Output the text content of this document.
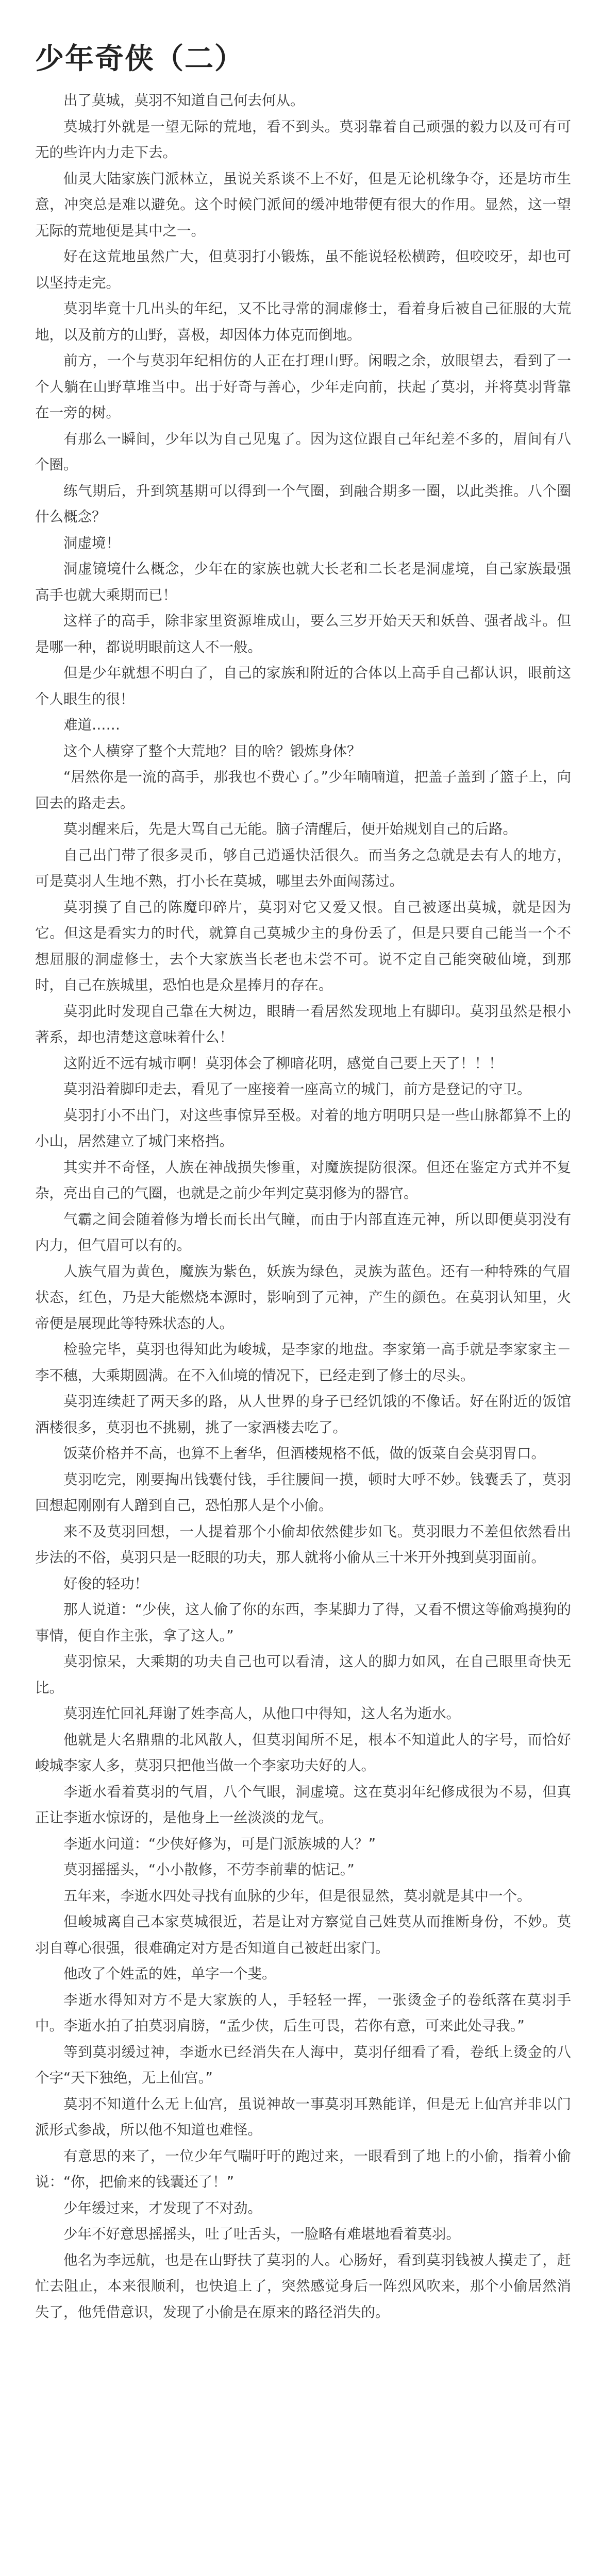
少年奇侠（二）

出了莫城，莫羽不知道自己何去何从。

莫城打外就是一望无际的荒地，看不到头。莫羽靠着自己顽强的毅力以及可有可无的些许内力走下去。

仙灵大陆家族门派林立，虽说关系谈不上不好，但是无论机缘争夺，还是坊市生意，冲突总是难以避免。这个时候门派间的缓冲地带便有很大的作用。显然，这一望无际的荒地便是其中之一。

好在这荒地虽然广大，但莫羽打小锻炼，虽不能说轻松横跨，但咬咬牙，却也可以坚持走完。

莫羽毕竟十几出头的年纪，又不比寻常的洞虚修士，看着身后被自己征服的大荒地，以及前方的山野，喜极，却因体力体克而倒地。

前方，一个与莫羽年纪相仿的人正在打理山野。闲暇之余，放眼望去，看到了一个人躺在山野草堆当中。出于好奇与善心，少年走向前，扶起了莫羽，并将莫羽背靠在一旁的树。

有那么一瞬间，少年以为自己见鬼了。因为这位跟自己年纪差不多的，眉间有八个圈。

练气期后，升到筑基期可以得到一个气圈，到融合期多一圈，以此类推。八个圈什么概念？

洞虚境！

洞虚镜境什么概念，少年在的家族也就大长老和二长老是洞虚境，自己家族最强高手也就大乘期而已！

这样子的高手，除非家里资源堆成山，要么三岁开始天天和妖兽、强者战斗。但是哪一种，都说明眼前这人不一般。

但是少年就想不明白了，自己的家族和附近的合体以上高手自己都认识，眼前这个人眼生的很！

难道……

这个人横穿了整个大荒地？目的啥？锻炼身体？

“居然你是一流的高手，那我也不费心了。”少年喃喃道，把盖子盖到了篮子上，向回去的路走去。

莫羽醒来后，先是大骂自己无能。脑子清醒后，便开始规划自己的后路。

自己出门带了很多灵币，够自己逍遥快活很久。而当务之急就是去有人的地方，可是莫羽人生地不熟，打小长在莫城，哪里去外面闯荡过。

莫羽摸了自己的陈魔印碎片，莫羽对它又爱又恨。自己被逐出莫城，就是因为它。但这是看实力的时代，就算自己莫城少主的身份丢了，但是只要自己能当一个不想屈服的洞虚修士，去个大家族当长老也未尝不可。说不定自己能突破仙境，到那时，自己在族城里，恐怕也是众星捧月的存在。

莫羽此时发现自己靠在大树边，眼睛一看居然发现地上有脚印。莫羽虽然是根小著系，却也清楚这意味着什么！

这附近不远有城市啊！莫羽体会了柳暗花明，感觉自己要上天了！！！

莫羽沿着脚印走去，看见了一座接着一座高立的城门，前方是登记的守卫。

莫羽打小不出门，对这些事惊异至极。对着的地方明明只是一些山脉都算不上的小山，居然建立了城门来格挡。

其实并不奇怪，人族在神战损失惨重，对魔族提防很深。但还在鉴定方式并不复杂，亮出自己的气圈，也就是之前少年判定莫羽修为的器官。

气霸之间会随着修为增长而长出气瞳，而由于内部直连元神，所以即便莫羽没有内力，但气眉可以有的。

人族气眉为黄色，魔族为紫色，妖族为绿色，灵族为蓝色。还有一种特殊的气眉状态，红色，乃是大能燃烧本源时，影响到了元神，产生的颜色。在莫羽认知里，火帝便是展现此等特殊状态的人。

检验完毕，莫羽也得知此为峻城，是李家的地盘。李家第一高手就是李家家主－李不穗，大乘期圆满。在不入仙境的情况下，已经走到了修士的尽头。

莫羽连续赶了两天多的路，从人世界的身子已经饥饿的不像话。好在附近的饭馆酒楼很多，莫羽也不挑剔，挑了一家酒楼去吃了。

饭菜价格并不高，也算不上奢华，但酒楼规格不低，做的饭菜自会莫羽胃口。

莫羽吃完，刚要掏出钱囊付钱，手往腰间一摸，顿时大呼不妙。钱囊丢了，莫羽回想起刚刚有人蹭到自己，恐怕那人是个小偷。

来不及莫羽回想，一人提着那个小偷却依然健步如飞。莫羽眼力不差但依然看出步法的不俗，莫羽只是一眨眼的功夫，那人就将小偷从三十米开外拽到莫羽面前。

好俊的轻功！

那人说道：“少侠，这人偷了你的东西，李某脚力了得，又看不惯这等偷鸡摸狗的事情，便自作主张，拿了这人。”

莫羽惊呆，大乘期的功夫自己也可以看清，这人的脚力如风，在自己眼里奇快无比。

莫羽连忙回礼拜谢了姓李高人，从他口中得知，这人名为逝水。

他就是大名鼎鼎的北风散人，但莫羽闻所不足，根本不知道此人的字号，而恰好峻城李家人多，莫羽只把他当做一个李家功夫好的人。

李逝水看着莫羽的气眉，八个气眼，洞虚境。这在莫羽年纪修成很为不易，但真正让李逝水惊讶的，是他身上一丝淡淡的龙气。

李逝水问道：“少侠好修为，可是门派族城的人？”

莫羽摇摇头，“小小散修，不劳李前辈的惦记。”

五年来，李逝水四处寻找有血脉的少年，但是很显然，莫羽就是其中一个。

但峻城离自己本家莫城很近，若是让对方察觉自己姓莫从而推断身份，不妙。莫羽自尊心很强，很难确定对方是否知道自己被赶出家门。

他改了个姓孟的姓，单字一个斐。

李逝水得知对方不是大家族的人，手轻轻一挥，一张烫金子的卷纸落在莫羽手中。李逝水拍了拍莫羽肩膀，“孟少侠，后生可畏，若你有意，可来此处寻我。”

等到莫羽缓过神，李逝水已经消失在人海中，莫羽仔细看了看，卷纸上烫金的八个字“天下独绝，无上仙宫。”

莫羽不知道什么无上仙宫，虽说神故一事莫羽耳熟能详，但是无上仙宫并非以门派形式参战，所以他不知道也难怪。

有意思的来了，一位少年气喘吁吁的跑过来，一眼看到了地上的小偷，指着小偷说：“你，把偷来的钱囊还了！”

少年缓过来，才发现了不对劲。

少年不好意思摇摇头，吐了吐舌头，一脸略有难堪地看着莫羽。

他名为李远航，也是在山野扶了莫羽的人。心肠好，看到莫羽钱被人摸走了，赶忙去阻止，本来很顺利，也快追上了，突然感觉身后一阵烈风吹来，那个小偷居然消失了，他凭借意识，发现了小偷是在原来的路径消失的。
